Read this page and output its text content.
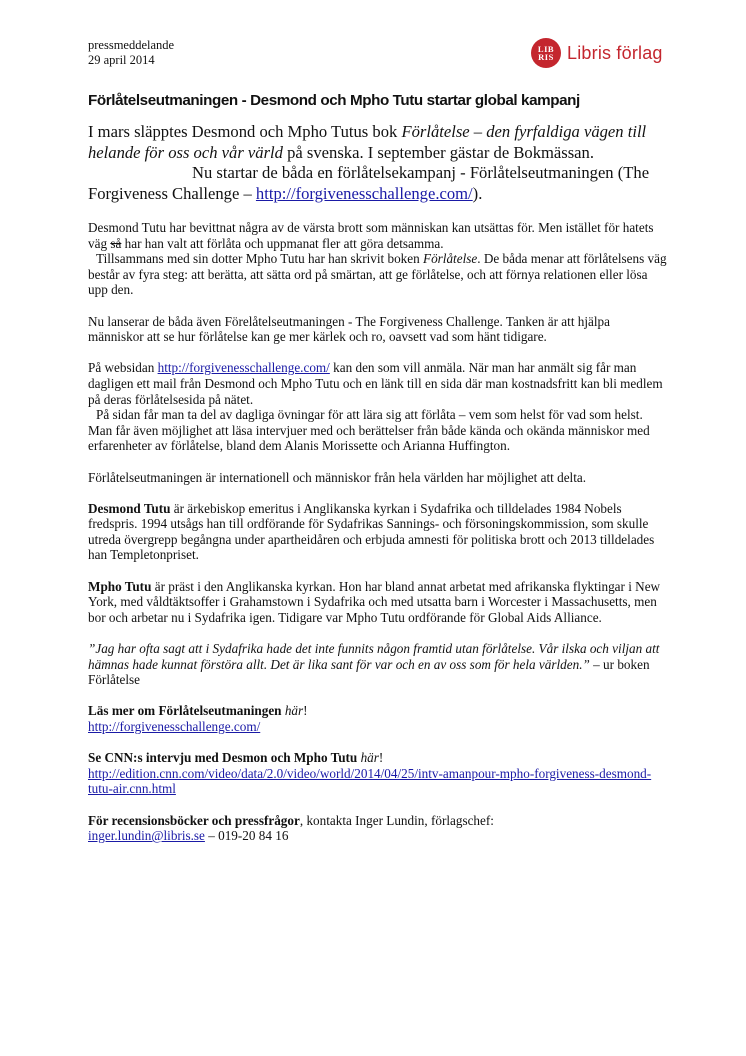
pressmeddelande
29 april 2014
LIB
RIS Libris förlag
Förlåtelseutmaningen - Desmond och Mpho Tutu startar global kampanj

I mars släpptes Desmond och Mpho Tutus bok Förlåtelse – den fyrfaldiga vägen till helande för oss och vår värld på svenska. I september gästar de Bokmässan.

Nu startar de båda en förlåtelsekampanj - Förlåtelseutmaningen (The Forgiveness Challenge – http://forgivenesschallenge.com/).

Desmond Tutu har bevittnat några av de värsta brott som människan kan utsättas för. Men istället för hatets väg så har han valt att förlåta och uppmanat fler att göra detsamma.

Tillsammans med sin dotter Mpho Tutu har han skrivit boken Förlåtelse. De båda menar att förlåtelsens väg består av fyra steg: att berätta, att sätta ord på smärtan, att ge förlåtelse, och att förnya relationen eller lösa upp den.

Nu lanserar de båda även Förelåtelseutmaningen - The Forgiveness Challenge. Tanken är att hjälpa människor att se hur förlåtelse kan ge mer kärlek och ro, oavsett vad som hänt tidigare.

På websidan http://forgivenesschallenge.com/ kan den som vill anmäla. När man har anmält sig får man dagligen ett mail från Desmond och Mpho Tutu och en länk till en sida där man kostnadsfritt kan bli medlem på deras förlåtelsesida på nätet.

På sidan får man ta del av dagliga övningar för att lära sig att förlåta – vem som helst för vad som helst. Man får även möjlighet att läsa intervjuer med och berättelser från både kända och okända människor med erfarenheter av förlåtelse, bland dem Alanis Morissette och Arianna Huffington.

Förlåtelseutmaningen är internationell och människor från hela världen har möjlighet att delta.

Desmond Tutu är ärkebiskop emeritus i Anglikanska kyrkan i Sydafrika och tilldelades 1984 Nobels fredspris. 1994 utsågs han till ordförande för Sydafrikas Sannings- och försoningskommission, som skulle utreda övergrepp begångna under apartheidåren och erbjuda amnesti för politiska brott och 2013 tilldelades han Templetonpriset.

Mpho Tutu är präst i den Anglikanska kyrkan. Hon har bland annat arbetat med afrikanska flyktingar i New York, med våldtäktsoffer i Grahamstown i Sydafrika och med utsatta barn i Worcester i Massachusetts, men bor och arbetar nu i Sydafrika igen. Tidigare var Mpho Tutu ordförande för Global Aids Alliance.

”Jag har ofta sagt att i Sydafrika hade det inte funnits någon framtid utan förlåtelse. Vår ilska och viljan att hämnas hade kunnat förstöra allt. Det är lika sant för var och en av oss som för hela världen.” – ur boken Förlåtelse

Läs mer om Förlåtelseutmaningen här!
http://forgivenesschallenge.com/

Se CNN:s intervju med Desmon och Mpho Tutu här!
http://edition.cnn.com/video/data/2.0/video/world/2014/04/25/intv-amanpour-mpho-forgiveness-desmond-tutu-air.cnn.html

För recensionsböcker och pressfrågor, kontakta Inger Lundin, förlagschef:
inger.lundin@libris.se – 019-20 84 16
